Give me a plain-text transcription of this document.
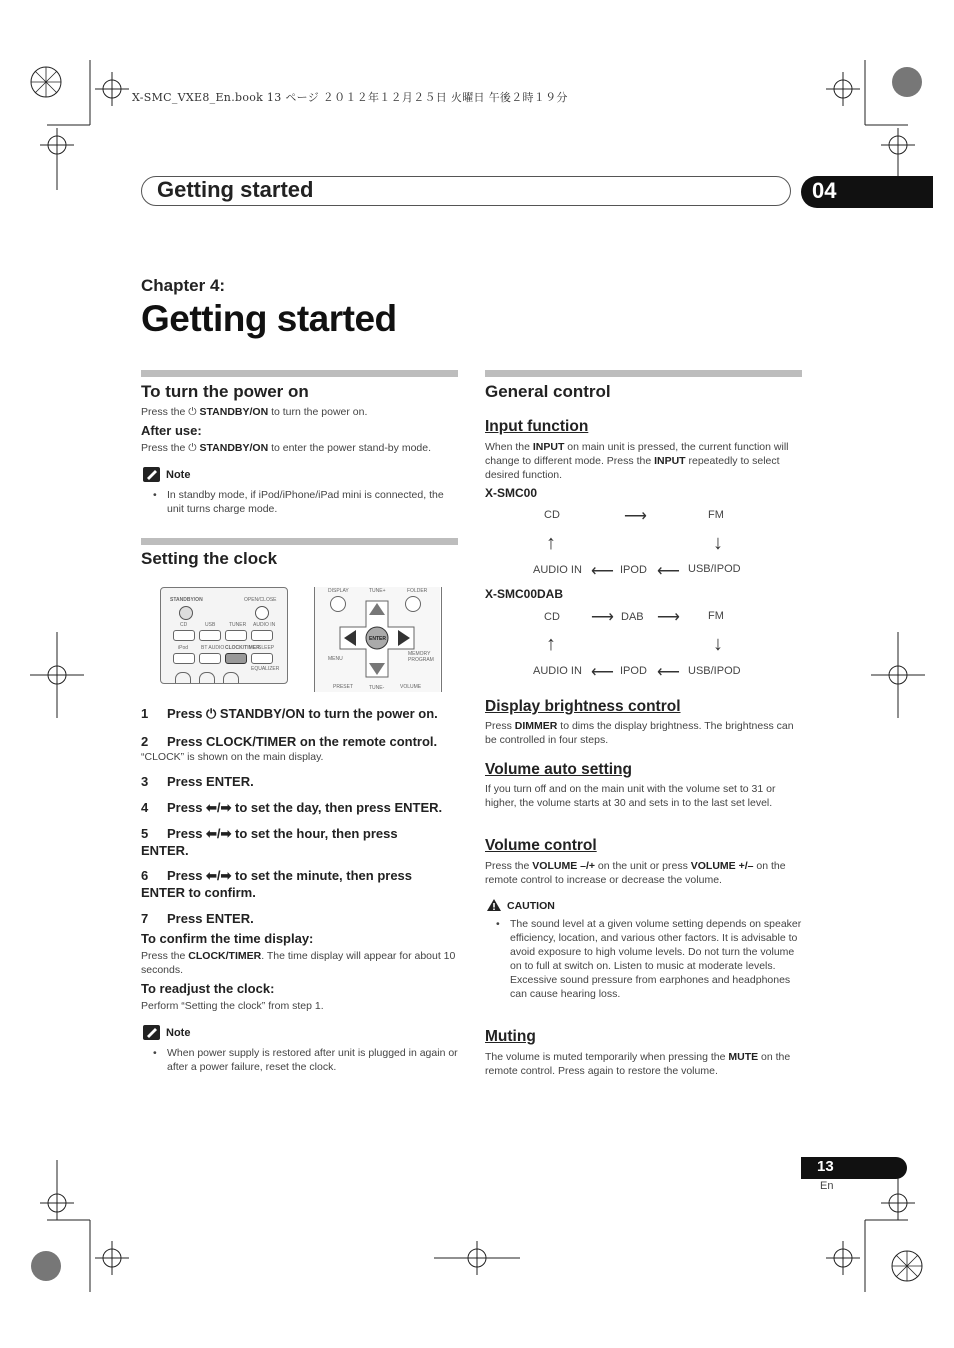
X-SMC_VXE8_En.book 13 ページ ２０１２年１２月２５日 火曜日 午後２時１９分
Getting started	04
Chapter 4:
Getting started
To turn the power on
Press the ⏻ STANDBY/ON to turn the power on.
After use:
Press the ⏻ STANDBY/ON to enter the power stand-by mode.
Note
• In standby mode, if iPod/iPhone/iPad mini is connected, the unit turns charge mode.
Setting the clock
STANDBY/ON	OPEN/CLOSE
CD	USB	TUNER AUDIO IN
iPod	BT AUDIO CLOCK/TIMER
SLEEP
EQUALIZER
DISPLAY	TUNE+	FOLDER
ENTER
MENU
MEMORY PROGRAM
PRESET	TUNE-	VOLUME
1 Press ⏻ STANDBY/ON to turn the power on.
2 Press CLOCK/TIMER on the remote control.
“CLOCK” is shown on the main display.
3 Press ENTER.
4 Press ⬅/➡ to set the day, then press ENTER.
5 Press ⬅/➡ to set the hour, then press ENTER.
6 Press ⬅/➡ to set the minute, then press ENTER to confirm.
7 Press ENTER.
To confirm the time display:
Press the CLOCK/TIMER. The time display will appear for about 10 seconds.
To readjust the clock:
Perform “Setting the clock” from step 1.
Note
• When power supply is restored after unit is plugged in again or after a power failure, reset the clock.
General control
Input function
When the INPUT on main unit is pressed, the current function will change to different mode. Press the INPUT repeatedly to select desired function.
X-SMC00
CD	⟶	FM
↑	↓
AUDIO IN ⟵ IPOD ⟵ USB/IPOD
X-SMC00DAB
CD ⟶ DAB ⟶	FM
↑	↓
AUDIO IN ⟵ IPOD ⟵ USB/IPOD
Display brightness control
Press DIMMER to dims the display brightness. The brightness can be controlled in four steps.
Volume auto setting
If you turn off and on the main unit with the volume set to 31 or higher, the volume starts at 30 and sets in to the last set level.
Volume control
Press the VOLUME –/+ on the unit or press VOLUME +/– on the remote control to increase or decrease the volume.
CAUTION
• The sound level at a given volume setting depends on speaker efficiency, location, and various other factors. It is advisable to avoid exposure to high volume levels. Do not turn the volume on to full at switch on. Listen to music at moderate levels. Excessive sound pressure from earphones and headphones can cause hearing loss.
Muting
The volume is muted temporarily when pressing the MUTE on the remote control. Press again to restore the volume.
13
En
